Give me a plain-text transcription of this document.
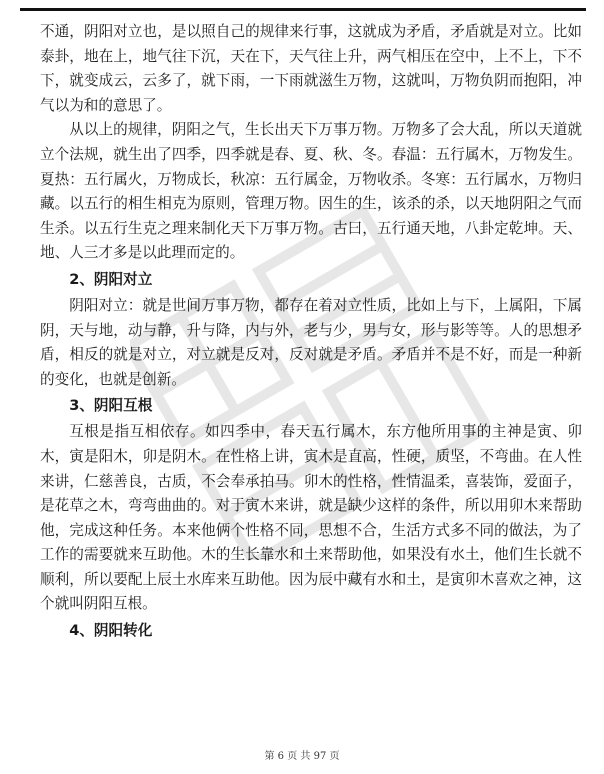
不通，阴阳对立也，是以照自己的规律来行事，这就成为矛盾，矛盾就是对立。比如泰卦，地在上，地气往下沉，天在下，天气往上升，两气相压在空中，上不上，下不下，就变成云，云多了，就下雨，一下雨就滋生万物，这就叫，万物负阴而抱阳，冲气以为和的意思了。

从以上的规律，阴阳之气，生长出天下万事万物。万物多了会大乱，所以天道就立个法规，就生出了四季，四季就是春、夏、秋、冬。春温：五行属木，万物发生。夏热：五行属火，万物成长，秋凉：五行属金，万物收杀。冬寒：五行属水，万物归藏。以五行的相生相克为原则，管理万物。因生的生，该杀的杀，以天地阴阳之气而生杀。以五行生克之理来制化天下万事万物。古曰，五行通天地，八卦定乾坤。天、地、人三才多是以此理而定的。

2、阴阳对立

阴阳对立：就是世间万事万物，都存在着对立性质，比如上与下，上属阳，下属阴，天与地，动与静，升与降，内与外，老与少，男与女，形与影等等。人的思想矛盾，相反的就是对立，对立就是反对，反对就是矛盾。矛盾并不是不好，而是一种新的变化，也就是创新。

3、阴阳互根

互根是指互相依存。如四季中，春天五行属木，东方他所用事的主神是寅、卯木，寅是阳木，卯是阴木。在性格上讲，寅木是直高，性硬，质坚，不弯曲。在人性来讲，仁慈善良，古质，不会奉承拍马。卯木的性格，性情温柔，喜装饰，爱面子，是花草之木，弯弯曲曲的。对于寅木来讲，就是缺少这样的条件，所以用卯木来帮助他，完成这种任务。本来他俩个性格不同，思想不合，生活方式多不同的做法，为了工作的需要就来互助他。木的生长靠水和土来帮助他，如果没有水土，他们生长就不顺利，所以要配上辰土水库来互助他。因为辰中藏有水和土，是寅卯木喜欢之神，这个就叫阴阳互根。

4、阴阳转化
第 6 页 共 97 页
